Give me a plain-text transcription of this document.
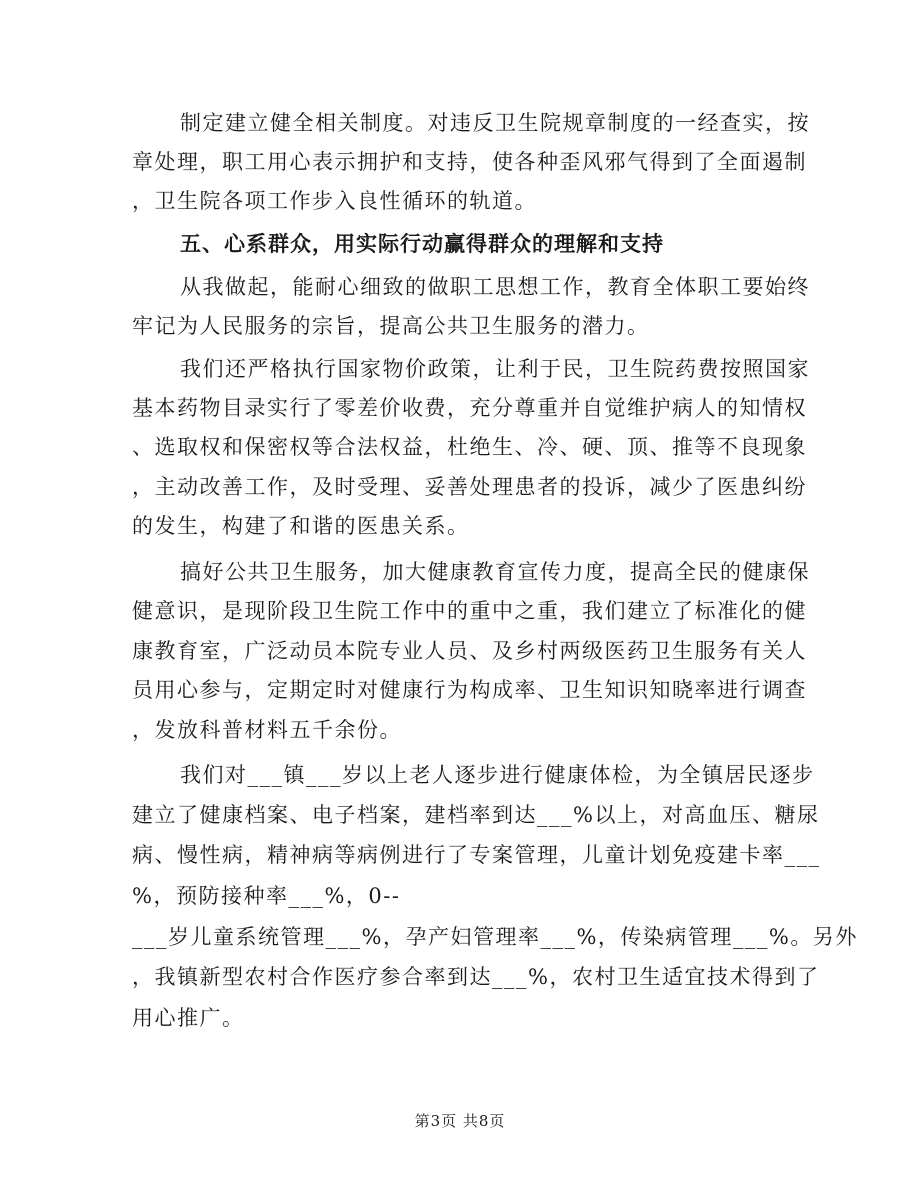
制定建立健全相关制度。对违反卫生院规章制度的一经查实，按
章处理，职工用心表示拥护和支持，使各种歪风邪气得到了全面遏制
，卫生院各项工作步入良性循环的轨道。
五、心系群众，用实际行动赢得群众的理解和支持
从我做起，能耐心细致的做职工思想工作，教育全体职工要始终
牢记为人民服务的宗旨，提高公共卫生服务的潜力。
我们还严格执行国家物价政策，让利于民，卫生院药费按照国家
基本药物目录实行了零差价收费，充分尊重并自觉维护病人的知情权
、选取权和保密权等合法权益，杜绝生、冷、硬、顶、推等不良现象
，主动改善工作，及时受理、妥善处理患者的投诉，减少了医患纠纷
的发生，构建了和谐的医患关系。
搞好公共卫生服务，加大健康教育宣传力度，提高全民的健康保
健意识，是现阶段卫生院工作中的重中之重，我们建立了标准化的健
康教育室，广泛动员本院专业人员、及乡村两级医药卫生服务有关人
员用心参与，定期定时对健康行为构成率、卫生知识知晓率进行调查
，发放科普材料五千余份。
我们对___镇___岁以上老人逐步进行健康体检，为全镇居民逐步
建立了健康档案、电子档案，建档率到达___%以上，对高血压、糖尿
病、慢性病，精神病等病例进行了专案管理，儿童计划免疫建卡率___
%，预防接种率___%，0--
___岁儿童系统管理___%，孕产妇管理率___%，传染病管理___%。另外
，我镇新型农村合作医疗参合率到达___%，农村卫生适宜技术得到了
用心推广。
第3页 共8页
